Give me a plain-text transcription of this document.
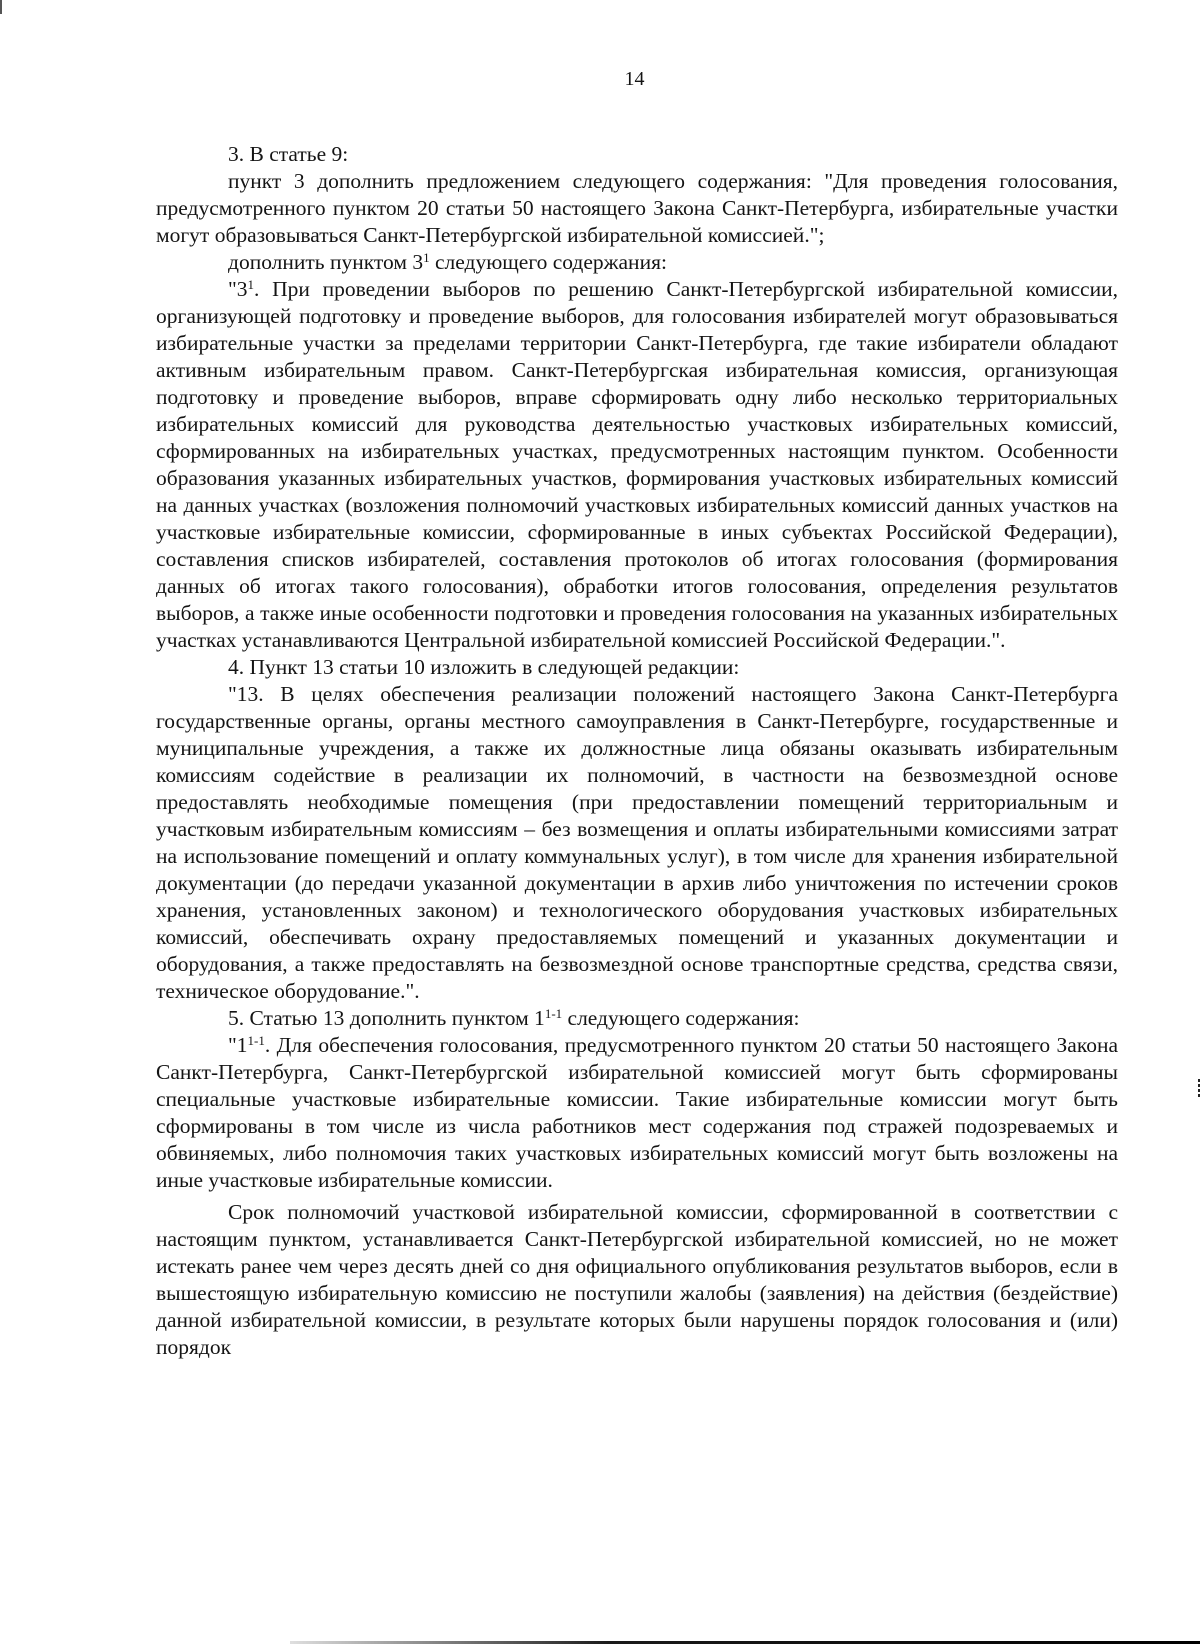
14

3. В статье 9:

пункт 3 дополнить предложением следующего содержания: "Для проведения голосования, предусмотренного пунктом 20 статьи 50 настоящего Закона Санкт-Петербурга, избирательные участки могут образовываться Санкт-Петербургской избирательной комиссией.";

дополнить пунктом $3^1$ следующего содержания:

"$3^1$. При проведении выборов по решению Санкт-Петербургской избирательной комиссии, организующей подготовку и проведение выборов, для голосования избирателей могут образовываться избирательные участки за пределами территории Санкт-Петербурга, где такие избиратели обладают активным избирательным правом. Санкт-Петербургская избирательная комиссия, организующая подготовку и проведение выборов, вправе сформировать одну либо несколько территориальных избирательных комиссий для руководства деятельностью участковых избирательных комиссий, сформированных на избирательных участках, предусмотренных настоящим пунктом. Особенности образования указанных избирательных участков, формирования участковых избирательных комиссий на данных участках (возложения полномочий участковых избирательных комиссий данных участков на участковые избирательные комиссии, сформированные в иных субъектах Российской Федерации), составления списков избирателей, составления протоколов об итогах голосования (формирования данных об итогах такого голосования), обработки итогов голосования, определения результатов выборов, а также иные особенности подготовки и проведения голосования на указанных избирательных участках устанавливаются Центральной избирательной комиссией Российской Федерации.".

4. Пункт 13 статьи 10 изложить в следующей редакции:

"13. В целях обеспечения реализации положений настоящего Закона Санкт-Петербурга государственные органы, органы местного самоуправления в Санкт-Петербурге, государственные и муниципальные учреждения, а также их должностные лица обязаны оказывать избирательным комиссиям содействие в реализации их полномочий, в частности на безвозмездной основе предоставлять необходимые помещения (при предоставлении помещений территориальным и участковым избирательным комиссиям – без возмещения и оплаты избирательными комиссиями затрат на использование помещений и оплату коммунальных услуг), в том числе для хранения избирательной документации (до передачи указанной документации в архив либо уничтожения по истечении сроков хранения, установленных законом) и технологического оборудования участковых избирательных комиссий, обеспечивать охрану предоставляемых помещений и указанных документации и оборудования, а также предоставлять на безвозмездной основе транспортные средства, средства связи, техническое оборудование.".

5. Статью 13 дополнить пунктом 1$^{1-1}$ следующего содержания:

"1$^{1-1}$. Для обеспечения голосования, предусмотренного пунктом 20 статьи 50 настоящего Закона Санкт-Петербурга, Санкт-Петербургской избирательной комиссией могут быть сформированы специальные участковые избирательные комиссии. Такие избирательные комиссии могут быть сформированы в том числе из числа работников мест содержания под стражей подозреваемых и обвиняемых, либо полномочия таких участковых избирательных комиссий могут быть возложены на иные участковые избирательные комиссии.

Срок полномочий участковой избирательной комиссии, сформированной в соответствии с настоящим пунктом, устанавливается Санкт-Петербургской избирательной комиссией, но не может истекать ранее чем через десять дней со дня официального опубликования результатов выборов, если в вышестоящую избирательную комиссию не поступили жалобы (заявления) на действия (бездействие) данной избирательной комиссии, в результате которых были нарушены порядок голосования и (или) порядок
